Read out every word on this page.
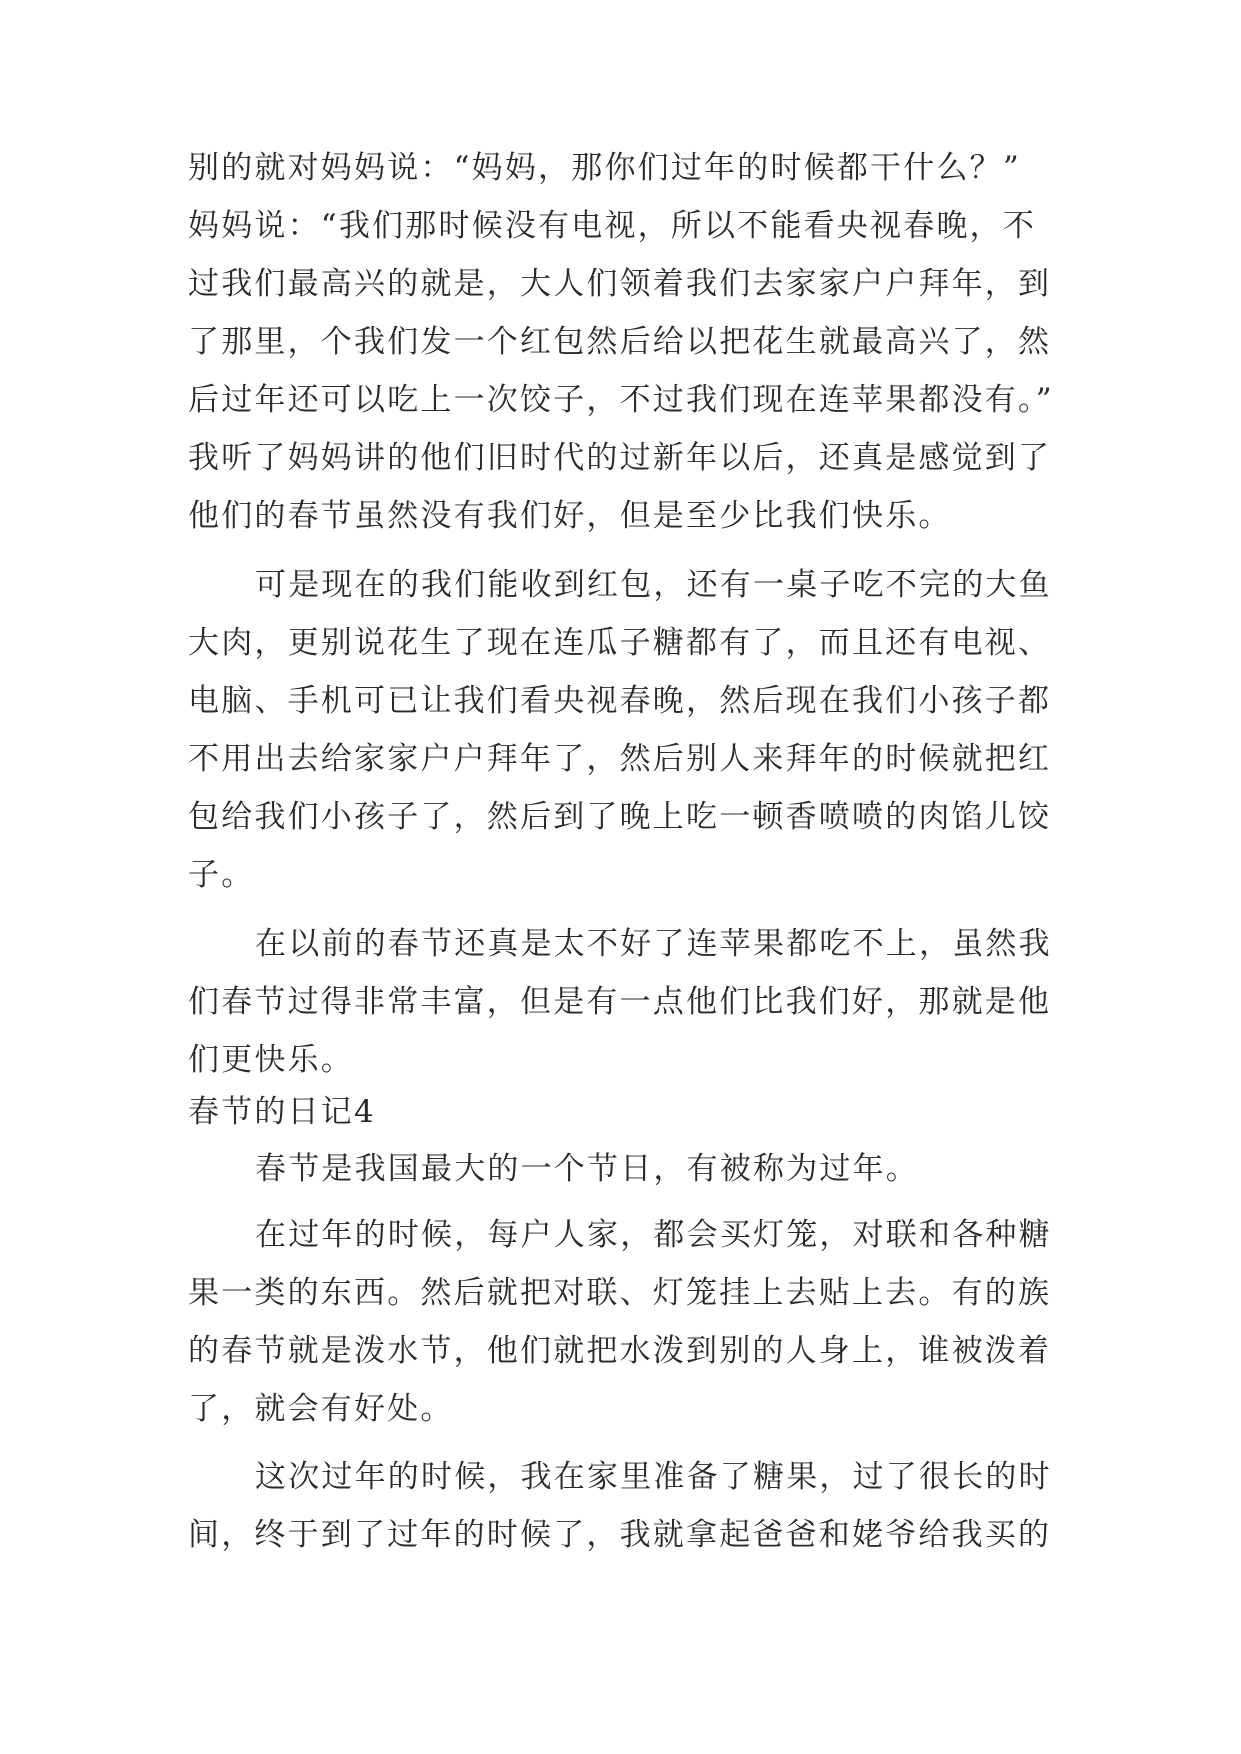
别的就对妈妈说：“妈妈，那你们过年的时候都干什么？”
妈妈说：“我们那时候没有电视，所以不能看央视春晚，不
过我们最高兴的就是，大人们领着我们去家家户户拜年，到
了那里，个我们发一个红包然后给以把花生就最高兴了，然
后过年还可以吃上一次饺子，不过我们现在连苹果都没有。”
我听了妈妈讲的他们旧时代的过新年以后，还真是感觉到了
他们的春节虽然没有我们好，但是至少比我们快乐。
可是现在的我们能收到红包，还有一桌子吃不完的大鱼
大肉，更别说花生了现在连瓜子糖都有了，而且还有电视、
电脑、手机可已让我们看央视春晚，然后现在我们小孩子都
不用出去给家家户户拜年了，然后别人来拜年的时候就把红
包给我们小孩子了，然后到了晚上吃一顿香喷喷的肉馅儿饺
子。
在以前的春节还真是太不好了连苹果都吃不上，虽然我
们春节过得非常丰富，但是有一点他们比我们好，那就是他
们更快乐。
春节的日记4
春节是我国最大的一个节日，有被称为过年。
在过年的时候，每户人家，都会买灯笼，对联和各种糖
果一类的东西。然后就把对联、灯笼挂上去贴上去。有的族
的春节就是泼水节，他们就把水泼到别的人身上，谁被泼着
了，就会有好处。
这次过年的时候，我在家里准备了糖果，过了很长的时
间，终于到了过年的时候了，我就拿起爸爸和姥爷给我买的
